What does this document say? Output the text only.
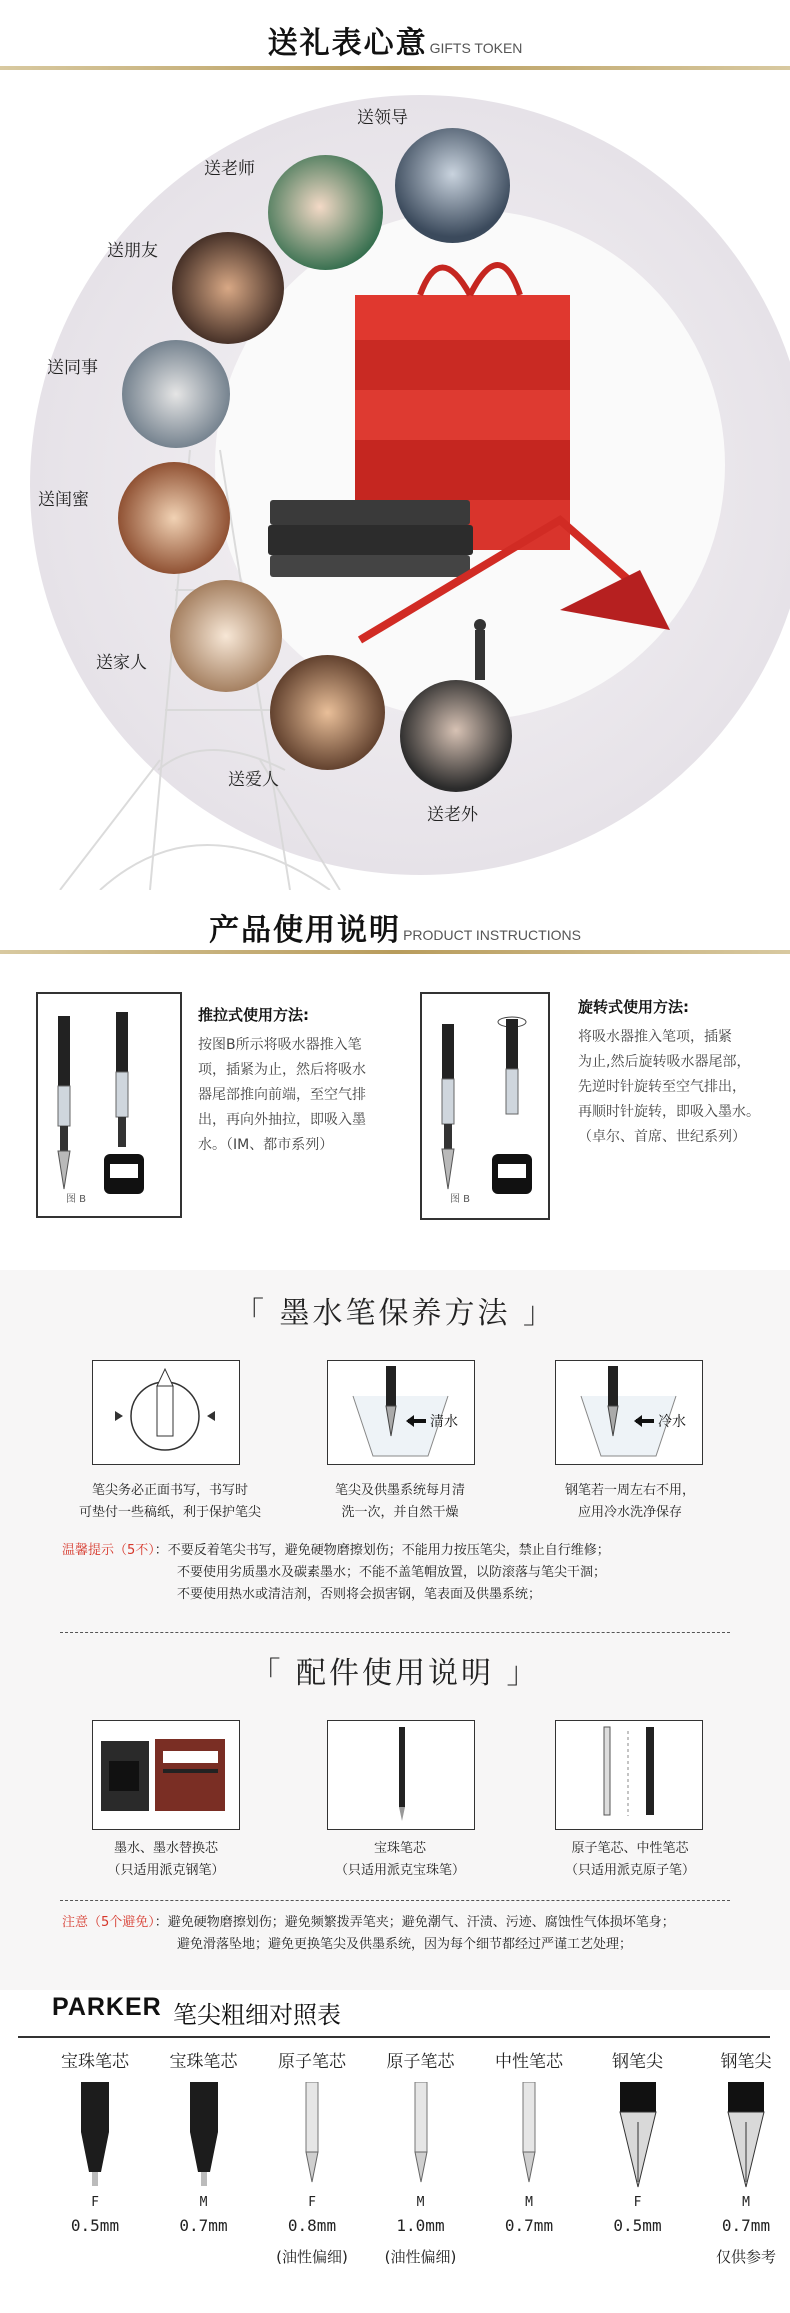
送礼表心意 GIFTS TOKEN
送领导
送老师
送朋友
送同事
送闺蜜
送家人
送爱人
送老外
产品使用说明 PRODUCT INSTRUCTIONS
图 B
推拉式使用方法:
按图B所示将吸水器推入笔
项，插紧为止，然后将吸水
器尾部推向前端，至空气排
出，再向外抽拉，即吸入墨
水。（IM、都市系列）
图 B
旋转式使用方法:
将吸水器推入笔项，插紧
为止,然后旋转吸水器尾部，
先逆时针旋转至空气排出，
再顺时针旋转，即吸入墨水。
（卓尔、首席、世纪系列）
「 墨水笔保养方法 」
清水	冷水
笔尖务必正面书写，书写时
可垫付一些稿纸，利于保护笔尖
笔尖及供墨系统每月清
洗一次，并自然干燥
钢笔若一周左右不用，
应用冷水洗净保存
温馨提示（5不）：不要反着笔尖书写，避免硬物磨擦划伤；不能用力按压笔尖，禁止自行维修；
不要使用劣质墨水及碳素墨水；不能不盖笔帽放置，以防滚落与笔尖干涸；
不要使用热水或清洁剂，否则将会损害钢，笔表面及供墨系统；
「 配件使用说明 」
墨水、墨水替换芯
（只适用派克钢笔）
宝珠笔芯
（只适用派克宝珠笔）
原子笔芯、中性笔芯
（只适用派克原子笔）
注意（5个避免）：避免硬物磨擦划伤；避免频繁拨弄笔夹；避免潮气、汗渍、污迹、腐蚀性气体损坏笔身；
避免滑落坠地；避免更换笔尖及供墨系统，因为每个细节都经过严谨工艺处理；
PARKER 笔尖粗细对照表
宝珠笔芯
F
0.5mm
宝珠笔芯
M
0.7mm
原子笔芯
F
0.8mm
(油性偏细)
原子笔芯
M
1.0mm
(油性偏细)
中性笔芯
M
0.7mm
钢笔尖
F
0.5mm
钢笔尖
M
0.7mm
仅供参考
